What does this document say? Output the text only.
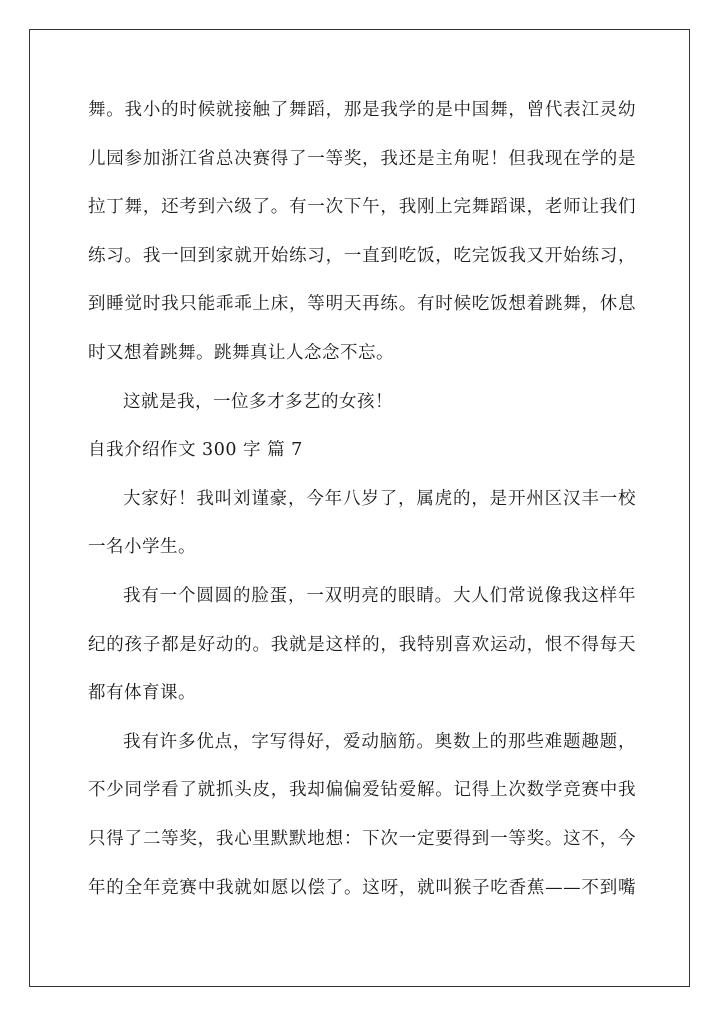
舞。我小的时候就接触了舞蹈，那是我学的是中国舞，曾代表江灵幼
儿园参加浙江省总决赛得了一等奖，我还是主角呢！但我现在学的是
拉丁舞，还考到六级了。有一次下午，我刚上完舞蹈课，老师让我们
练习。我一回到家就开始练习，一直到吃饭，吃完饭我又开始练习，
到睡觉时我只能乖乖上床，等明天再练。有时候吃饭想着跳舞，休息
时又想着跳舞。跳舞真让人念念不忘。
这就是我，一位多才多艺的女孩！
自我介绍作文 300 字 篇 7
大家好！我叫刘谨豪，今年八岁了，属虎的，是开州区汉丰一校
一名小学生。
我有一个圆圆的脸蛋，一双明亮的眼睛。大人们常说像我这样年
纪的孩子都是好动的。我就是这样的，我特别喜欢运动，恨不得每天
都有体育课。
我有许多优点，字写得好，爱动脑筋。奥数上的那些难题趣题，
不少同学看了就抓头皮，我却偏偏爱钻爱解。记得上次数学竞赛中我
只得了二等奖，我心里默默地想：下次一定要得到一等奖。这不，今
年的全年竞赛中我就如愿以偿了。这呀，就叫猴子吃香蕉——不到嘴
